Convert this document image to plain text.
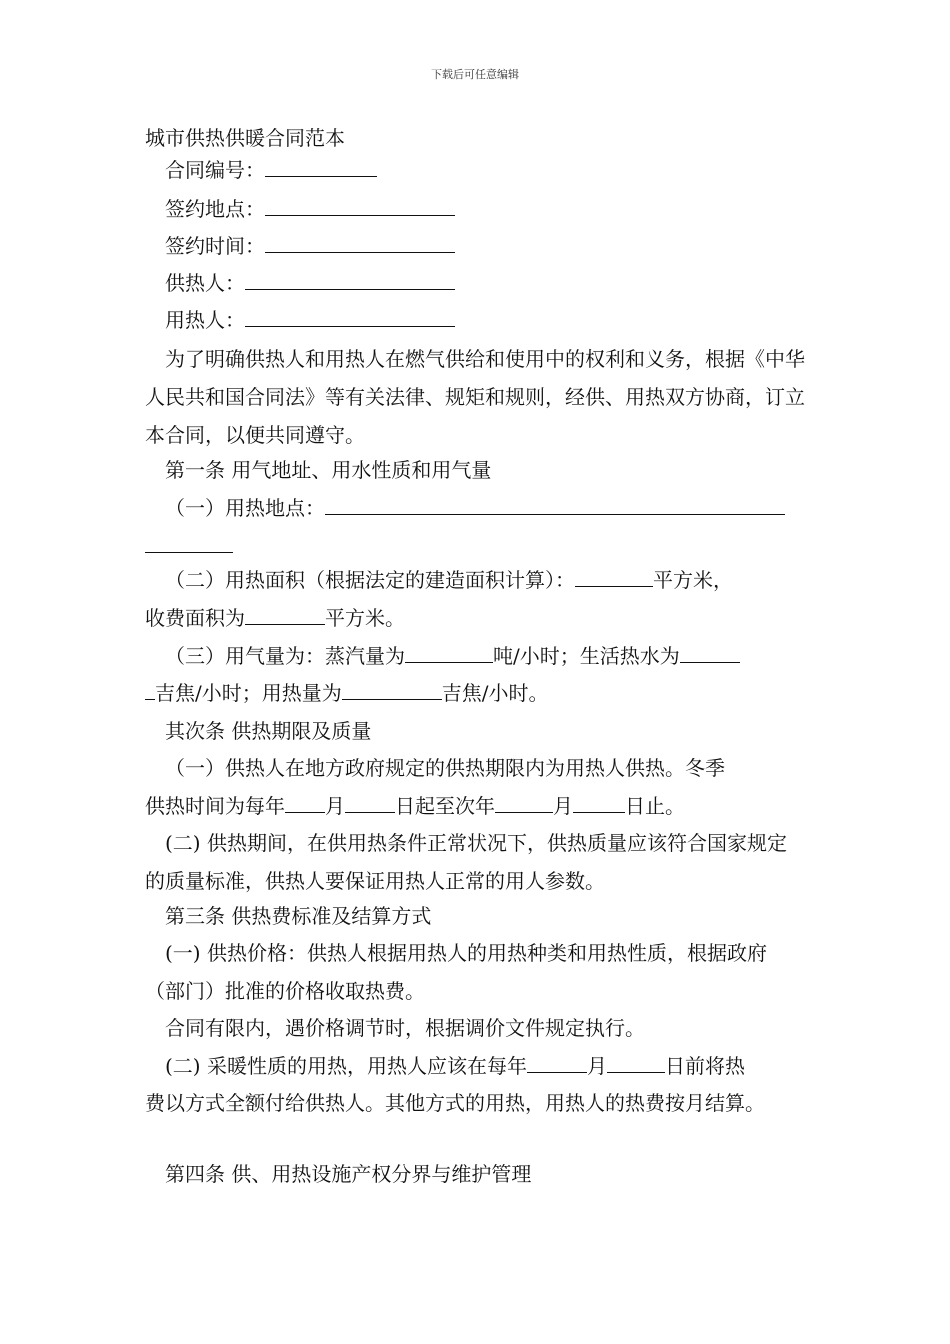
下载后可任意编辑
城市供热供暖合同范本
合同编号：
签约地点：
签约时间：
供热人：
用热人：
为了明确供热人和用热人在燃气供给和使用中的权利和义务，根据《中华人民共和国合同法》等有关法律、规矩和规则，经供、用热双方协商，订立本合同，以便共同遵守。
第一条 用气地址、用水性质和用气量
（一）用热地点：
（二）用热面积（根据法定的建造面积计算）：	平方米，
收费面积为	平方米。
（三）用气量为：蒸汽量为	吨/小时；生活热水为
吉焦/小时；用热量为	吉焦/小时。
其次条 供热期限及质量
（一）供热人在地方政府规定的供热期限内为用热人供热。冬季
供热时间为每年 月	日起至次年	月	日止。
(二) 供热期间，在供用热条件正常状况下，供热质量应该符合国家规定的质量标准，供热人要保证用热人正常的用人参数。
第三条 供热费标准及结算方式
(一) 供热价格：供热人根据用热人的用热种类和用热性质，根据政府（部门）批准的价格收取热费。
合同有限内，遇价格调节时，根据调价文件规定执行。
(二) 采暖性质的用热，用热人应该在每年	月	日前将热
费以方式全额付给供热人。其他方式的用热，用热人的热费按月结算。
第四条 供、用热设施产权分界与维护管理
